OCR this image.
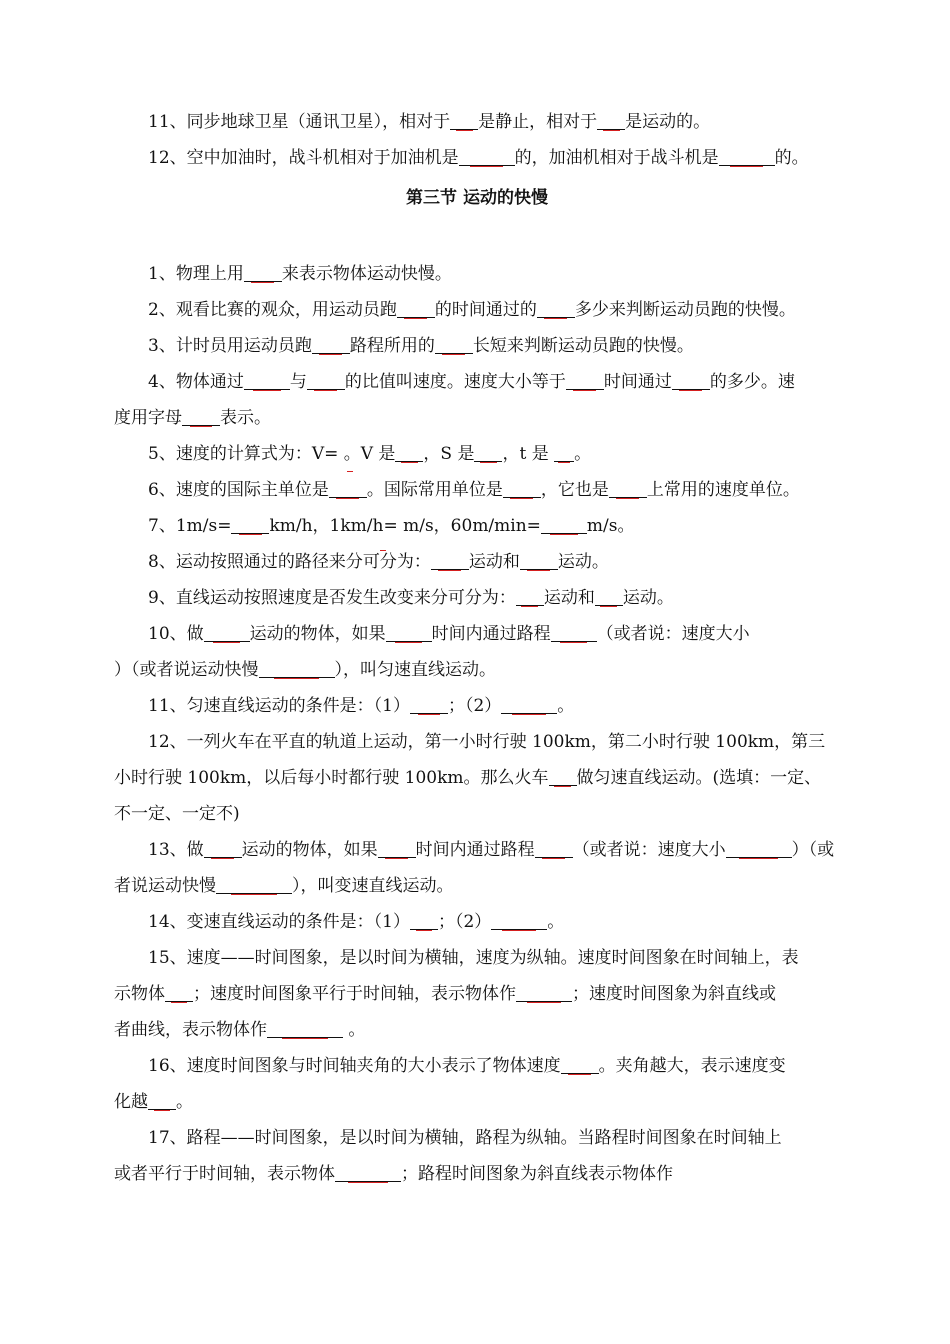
11、同步地球卫星（通讯卫星），相对于 是静止，相对于 是运动的。

12、空中加油时，战斗机相对于加油机是	的，加油机相对于战斗机是	的。

第三节 运动的快慢

1、物理上用 来表示物体运动快慢。

2、观看比赛的观众，用运动员跑 的时间通过的 多少来判断运动员跑的快慢。

3、计时员用运动员跑 路程所用的 长短来判断运动员跑的快慢。

4、物体通过	与 的比值叫速度。速度大小等于 时间通过 的多少。速

度用字母 表示。

5、速度的计算式为：V= 。V 是 ，S 是 ，t 是 。

6、速度的国际主单位是 。国际常用单位是 ，它也是 上常用的速度单位。

7、1m/s= km/h，1km/h= m/s，60m/min=	m/s。

8、运动按照通过的路径来分可分为： 运动和 运动。

9、直线运动按照速度是否发生改变来分可分为： 运动和 运动。

10、做	运动的物体，如果	时间内通过路程	（或者说：速度大小

）（或者说运动快慢	），叫匀速直线运动。

11、匀速直线运动的条件是：（1） ；（2）	。

12、一列火车在平直的轨道上运动，第一小时行驶 100km，第二小时行驶 100km，第三

小时行驶 100km，以后每小时都行驶 100km。那么火车 做匀速直线运动。(选填：一定、

不一定、一定不)

13、做 运动的物体，如果 时间内通过路程 （或者说：速度大小	）（或

者说运动快慢	），叫变速直线运动。

14、变速直线运动的条件是：（1） ；（2）	。

15、速度——时间图象，是以时间为横轴，速度为纵轴。速度时间图象在时间轴上，表

示物体 ；速度时间图象平行于时间轴，表示物体作	；速度时间图象为斜直线或

者曲线，表示物体作	。

16、速度时间图象与时间轴夹角的大小表示了物体速度 。夹角越大，表示速度变

化越 。

17、路程——时间图象，是以时间为横轴，路程为纵轴。当路程时间图象在时间轴上

或者平行于时间轴，表示物体	；路程时间图象为斜直线表示物体作
